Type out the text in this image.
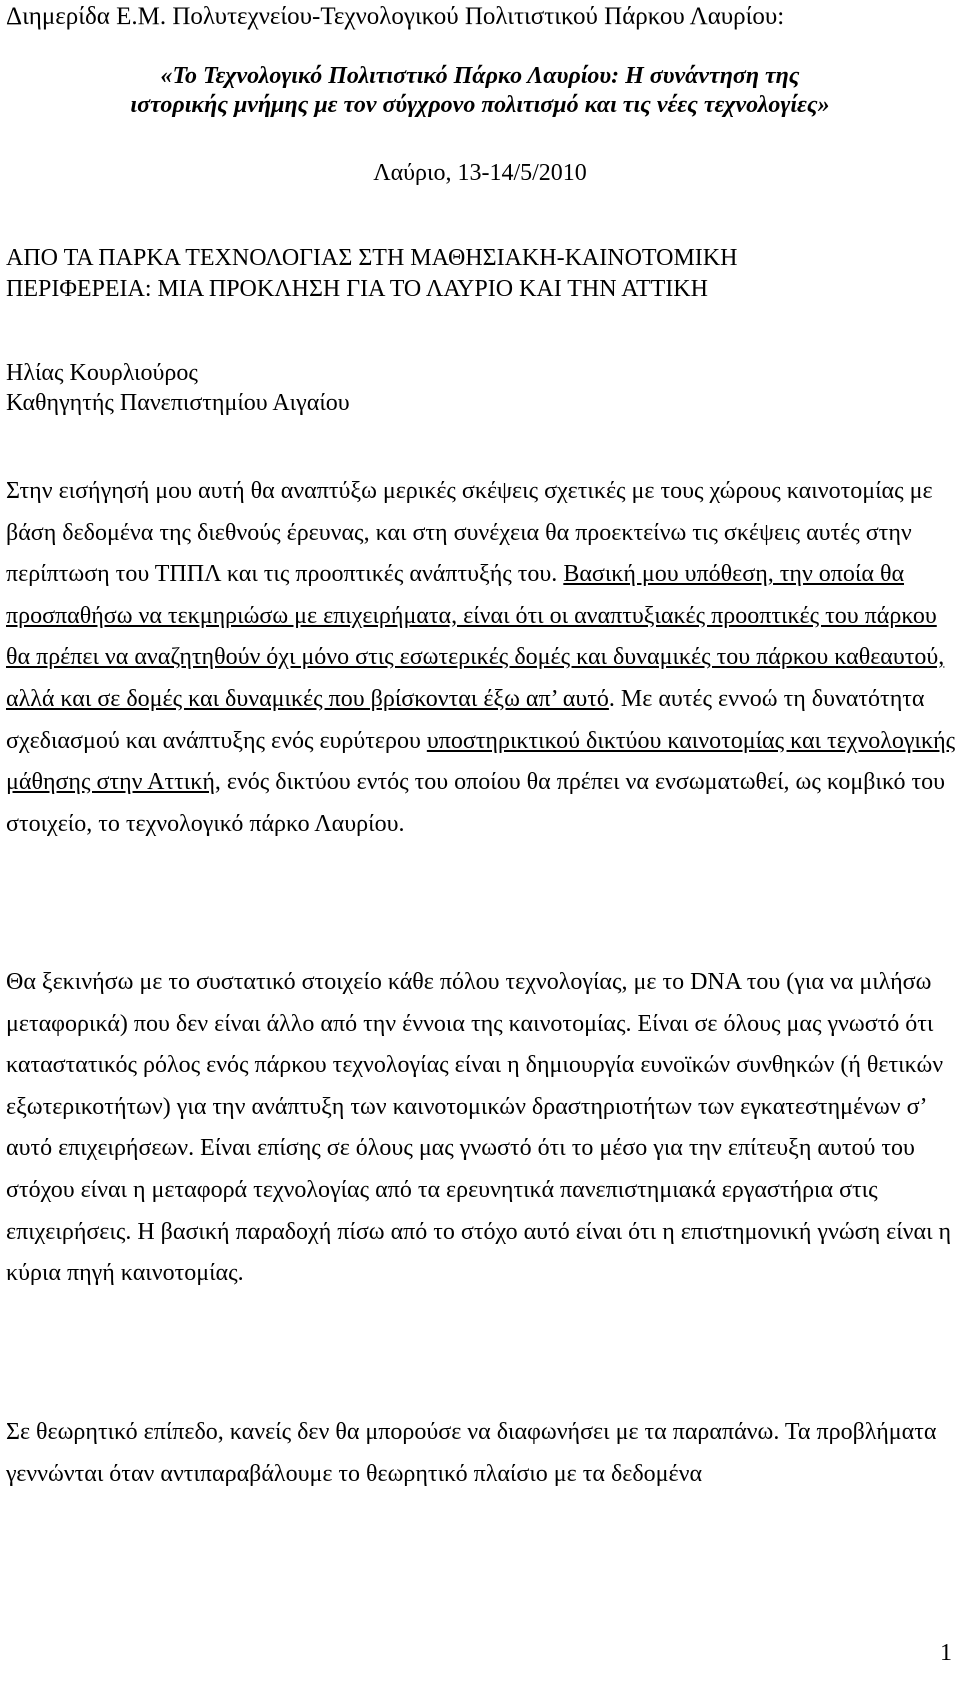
Διημερίδα Ε.Μ. Πολυτεχνείου-Τεχνολογικού Πολιτιστικού Πάρκου Λαυρίου:
«Το Τεχνολογικό Πολιτιστικό Πάρκο Λαυρίου: Η συνάντηση της
ιστορικής μνήμης με τον σύγχρονο πολιτισμό και τις νέες τεχνολογίες»
Λαύριο, 13-14/5/2010
ΑΠΟ ΤΑ ΠΑΡΚΑ ΤΕΧΝΟΛΟΓΙΑΣ ΣΤΗ ΜΑΘΗΣΙΑΚΗ-ΚΑΙΝΟΤΟΜΙΚΗ
ΠΕΡΙΦΕΡΕΙΑ: ΜΙΑ ΠΡΟΚΛΗΣΗ ΓΙΑ ΤΟ ΛΑΥΡΙΟ ΚΑΙ ΤΗΝ ΑΤΤΙΚΗ
Ηλίας Κουρλιούρος
Καθηγητής Πανεπιστημίου Αιγαίου

Στην εισήγησή μου αυτή θα αναπτύξω μερικές σκέψεις σχετικές με τους χώρους καινοτομίας με βάση δεδομένα της διεθνούς έρευνας, και στη συνέχεια θα προεκτείνω τις σκέψεις αυτές στην περίπτωση του ΤΠΠΛ και τις προοπτικές ανάπτυξής του. Βασική μου υπόθεση, την οποία θα προσπαθήσω να τεκμηριώσω με επιχειρήματα, είναι ότι οι αναπτυξιακές προοπτικές του πάρκου θα πρέπει να αναζητηθούν όχι μόνο στις εσωτερικές δομές και δυναμικές του πάρκου καθεαυτού, αλλά και σε δομές και δυναμικές που βρίσκονται έξω απ’ αυτό. Με αυτές εννοώ τη δυνατότητα σχεδιασμού και ανάπτυξης ενός ευρύτερου υποστηρικτικού δικτύου καινοτομίας και τεχνολογικής μάθησης στην Αττική, ενός δικτύου εντός του οποίου θα πρέπει να ενσωματωθεί, ως κομβικό του στοιχείο, το τεχνολογικό πάρκο Λαυρίου.

Θα ξεκινήσω με το συστατικό στοιχείο κάθε πόλου τεχνολογίας, με το DNA του (για να μιλήσω μεταφορικά) που δεν είναι άλλο από την έννοια της καινοτομίας. Είναι σε όλους μας γνωστό ότι καταστατικός ρόλος ενός πάρκου τεχνολογίας είναι η δημιουργία ευνοϊκών συνθηκών (ή θετικών εξωτερικοτήτων) για την ανάπτυξη των καινοτομικών δραστηριοτήτων των εγκατεστημένων σ’ αυτό επιχειρήσεων. Είναι επίσης σε όλους μας γνωστό ότι το μέσο για την επίτευξη αυτού του στόχου είναι η μεταφορά τεχνολογίας από τα ερευνητικά πανεπιστημιακά εργαστήρια στις επιχειρήσεις. Η βασική παραδοχή πίσω από το στόχο αυτό είναι ότι η επιστημονική γνώση είναι η κύρια πηγή καινοτομίας.

Σε θεωρητικό επίπεδο, κανείς δεν θα μπορούσε να διαφωνήσει με τα παραπάνω. Τα προβλήματα γεννώνται όταν αντιπαραβάλουμε το θεωρητικό πλαίσιο με τα δεδομένα

1
